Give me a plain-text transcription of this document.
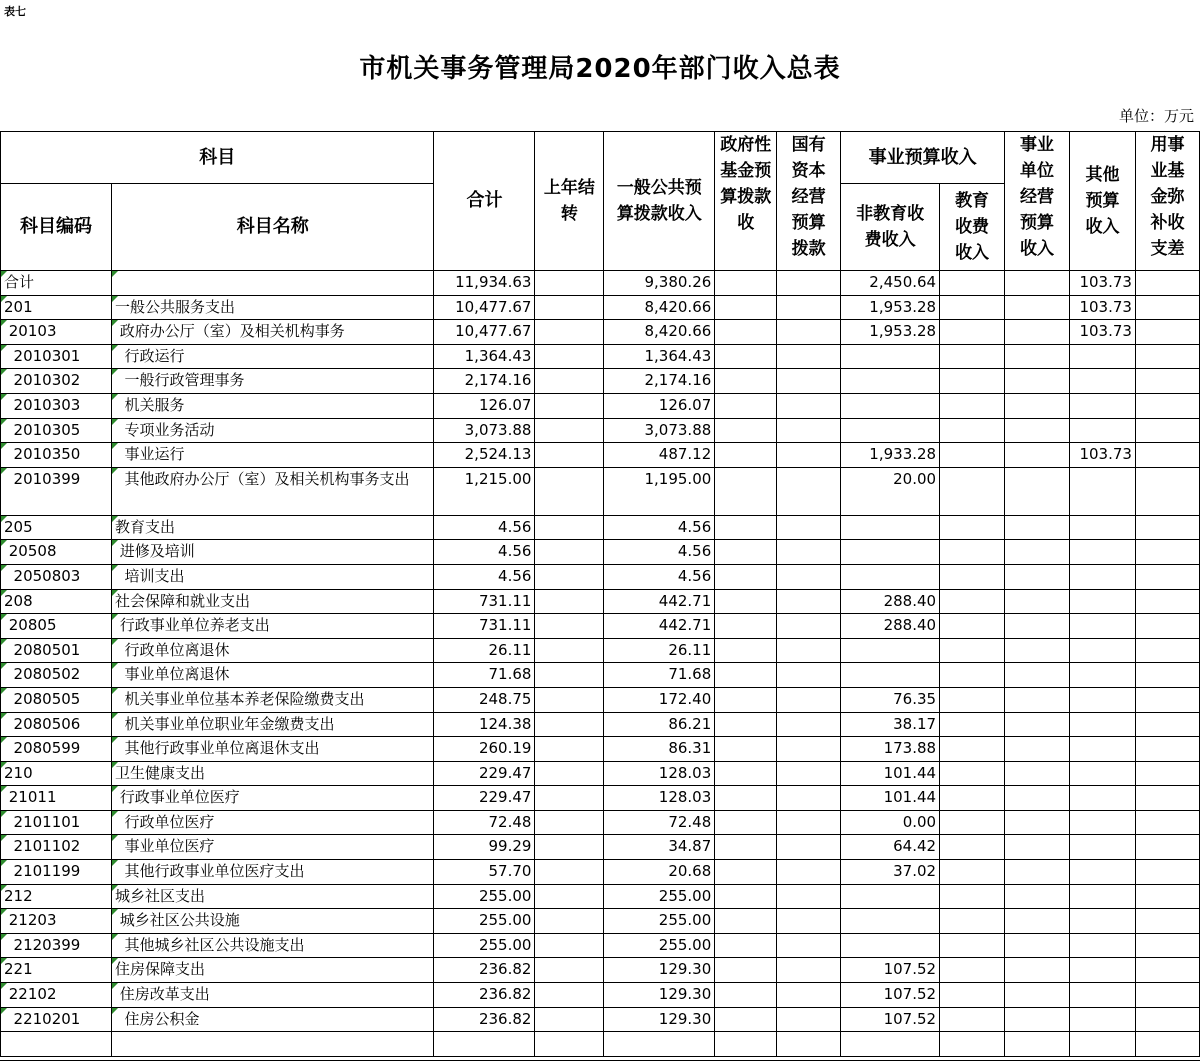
表七
市机关事务管理局2020年部门收入总表
单位：万元
科目		合计	上年结转	一般公共预算拨款收入	政府性基金预算拨款收	国有资本经营预算拨款	事业预算收入		事业单位经营预算收入	其他预算收入	用事业基金弥补收支差
科目编码	科目名称						非教育收费收入	教育收费收入			
合计		11,934.63		9,380.26			2,450.64			103.73	
201	一般公共服务支出	10,477.67		8,420.66			1,953.28			103.73	
20103	政府办公厅（室）及相关机构事务	10,477.67		8,420.66			1,953.28			103.73	
2010301	行政运行	1,364.43		1,364.43							
2010302	一般行政管理事务	2,174.16		2,174.16							
2010303	机关服务	126.07		126.07							
2010305	专项业务活动	3,073.88		3,073.88							
2010350	事业运行	2,524.13		487.12			1,933.28			103.73	
2010399	其他政府办公厅（室）及相关机构事务支出	1,215.00		1,195.00			20.00				
205	教育支出	4.56		4.56							
20508	进修及培训	4.56		4.56							
2050803	培训支出	4.56		4.56							
208	社会保障和就业支出	731.11		442.71			288.40				
20805	行政事业单位养老支出	731.11		442.71			288.40				
2080501	行政单位离退休	26.11		26.11							
2080502	事业单位离退休	71.68		71.68							
2080505	机关事业单位基本养老保险缴费支出	248.75		172.40			76.35				
2080506	机关事业单位职业年金缴费支出	124.38		86.21			38.17				
2080599	其他行政事业单位离退休支出	260.19		86.31			173.88				
210	卫生健康支出	229.47		128.03			101.44				
21011	行政事业单位医疗	229.47		128.03			101.44				
2101101	行政单位医疗	72.48		72.48			0.00				
2101102	事业单位医疗	99.29		34.87			64.42				
2101199	其他行政事业单位医疗支出	57.70		20.68			37.02				
212	城乡社区支出	255.00		255.00							
21203	城乡社区公共设施	255.00		255.00							
2120399	其他城乡社区公共设施支出	255.00		255.00							
221	住房保障支出	236.82		129.30			107.52				
22102	住房改革支出	236.82		129.30			107.52				
2210201	住房公积金	236.82		129.30			107.52				
